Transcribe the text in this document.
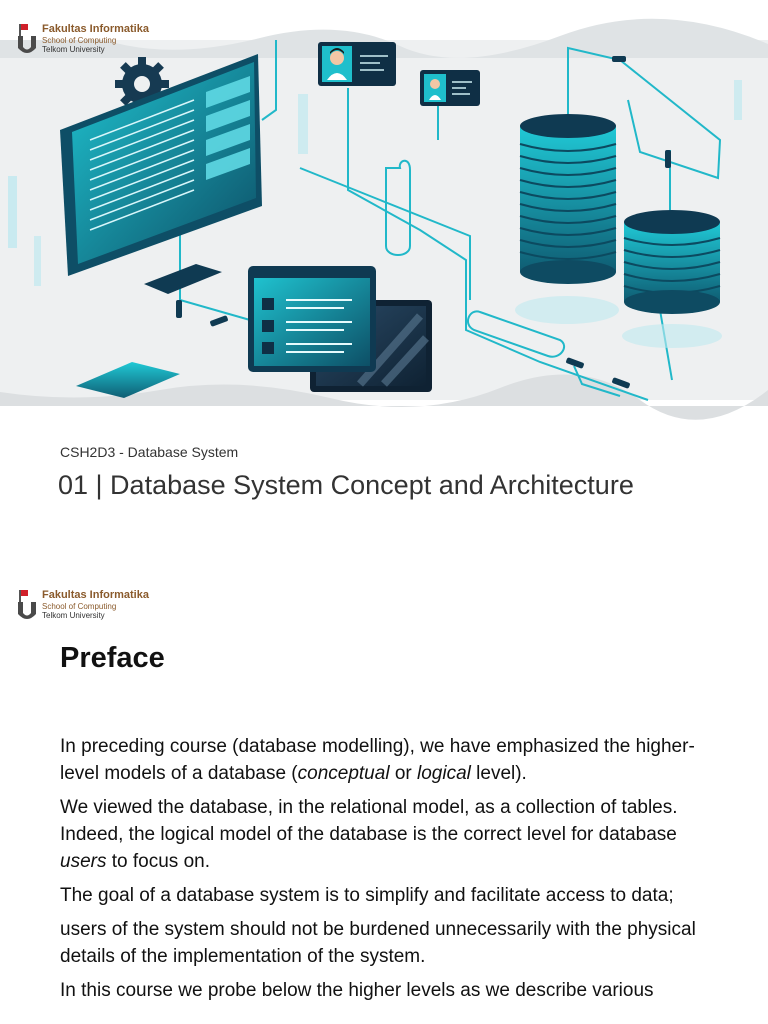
Fakultas Informatika
School of Computing
Telkom University
CSH2D3 - Database System
01 | Database System Concept and Architecture
Fakultas Informatika
School of Computing
Telkom University
Preface

In preceding course (database modelling), we have emphasized the higher-level models of a database (conceptual or logical level).

We viewed the database, in the relational model, as a collection of tables. Indeed, the logical model of the database is the correct level for database users to focus on.

The goal of a database system is to simplify and facilitate access to data;

users of the system should not be burdened unnecessarily with the physical details of the implementation of the system.

In this course we probe below the higher levels as we describe various
